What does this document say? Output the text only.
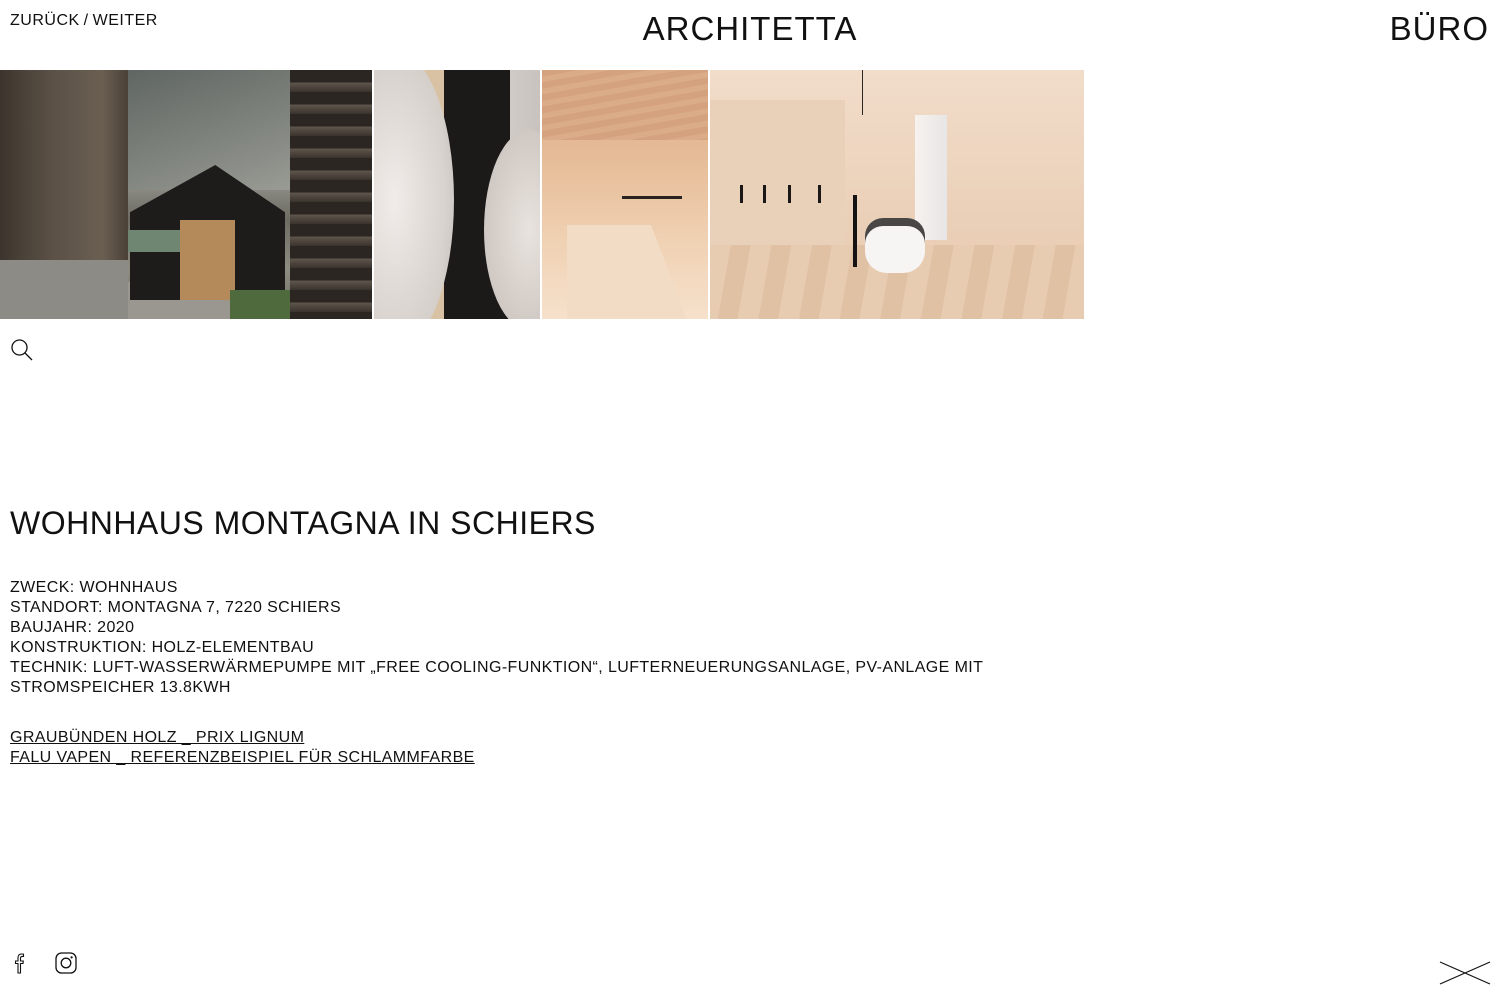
ZURÜCK / WEITER	ARCHITETTA	BÜRO
WOHNHAUS MONTAGNA IN SCHIERS
ZWECK: WOHNHAUS
STANDORT: MONTAGNA 7, 7220 SCHIERS
BAUJAHR: 2020
KONSTRUKTION: HOLZ-ELEMENTBAU
TECHNIK: LUFT-WASSERWÄRMEPUMPE MIT „FREE COOLING-FUNKTION“, LUFTERNEUERUNGSANLAGE, PV-ANLAGE MIT STROMSPEICHER 13.8KWH
GRAUBÜNDEN HOLZ _ PRIX LIGNUM
FALU VAPEN _ REFERENZBEISPIEL FÜR SCHLAMMFARBE
